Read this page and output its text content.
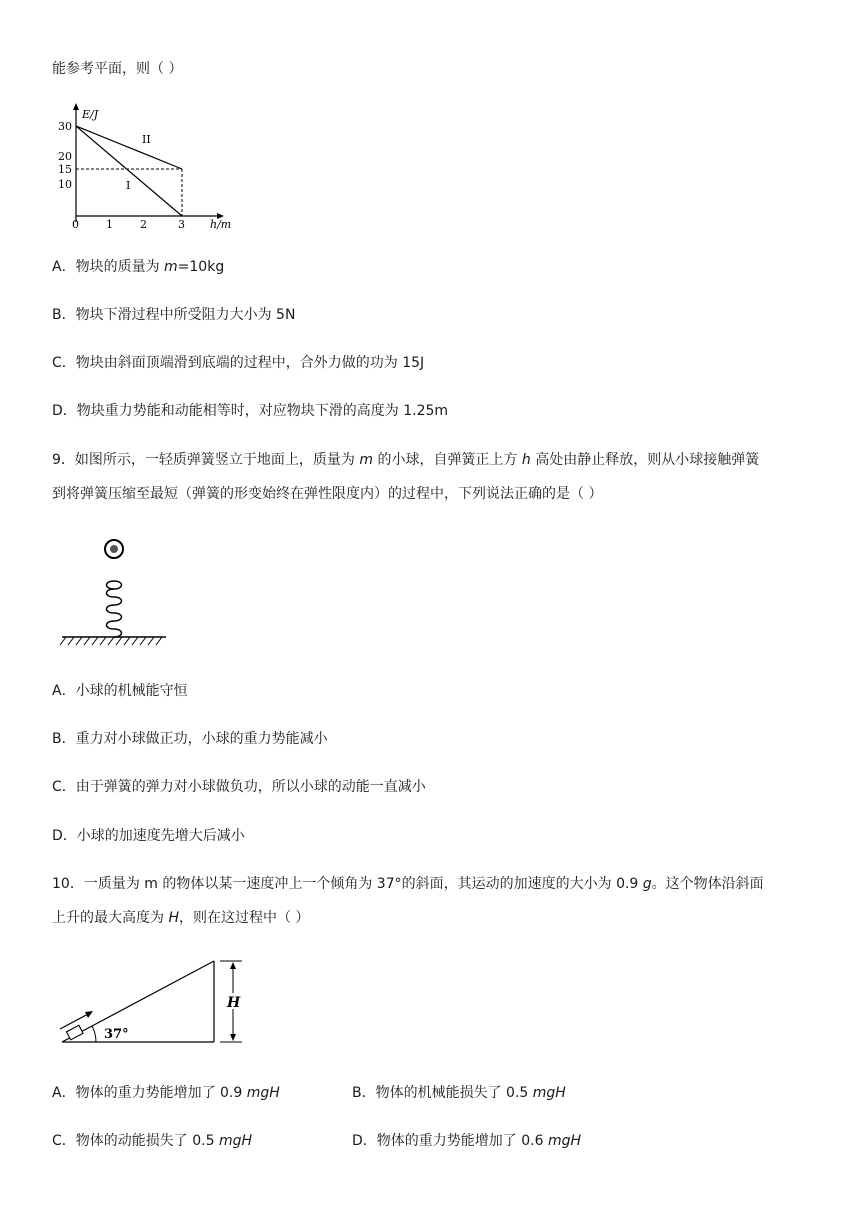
能参考平面，则（ ）
E/J
h/m
30
20
15
10
0 1 2	3
II
I
A．物块的质量为 m=10kg
B．物块下滑过程中所受阻力大小为 5N
C．物块由斜面顶端滑到底端的过程中，合外力做的功为 15J
D．物块重力势能和动能相等时，对应物块下滑的高度为 1.25m
9．如图所示，一轻质弹簧竖立于地面上，质量为 m 的小球，自弹簧正上方 h 高处由静止释放，则从小球接触弹簧
到将弹簧压缩至最短（弹簧的形变始终在弹性限度内）的过程中，下列说法正确的是（ ）
A．小球的机械能守恒
B．重力对小球做正功，小球的重力势能减小
C．由于弹簧的弹力对小球做负功，所以小球的动能一直减小
D．小球的加速度先增大后减小
10．一质量为 m 的物体以某一速度冲上一个倾角为 37°的斜面，其运动的加速度的大小为 0.9 g。这个物体沿斜面
上升的最大高度为 H，则在这过程中（ ）
37°
H
A．物体的重力势能增加了 0.9 mgH	B．物体的机械能损失了 0.5 mgH
C．物体的动能损失了 0.5 mgH	D．物体的重力势能增加了 0.6 mgH
